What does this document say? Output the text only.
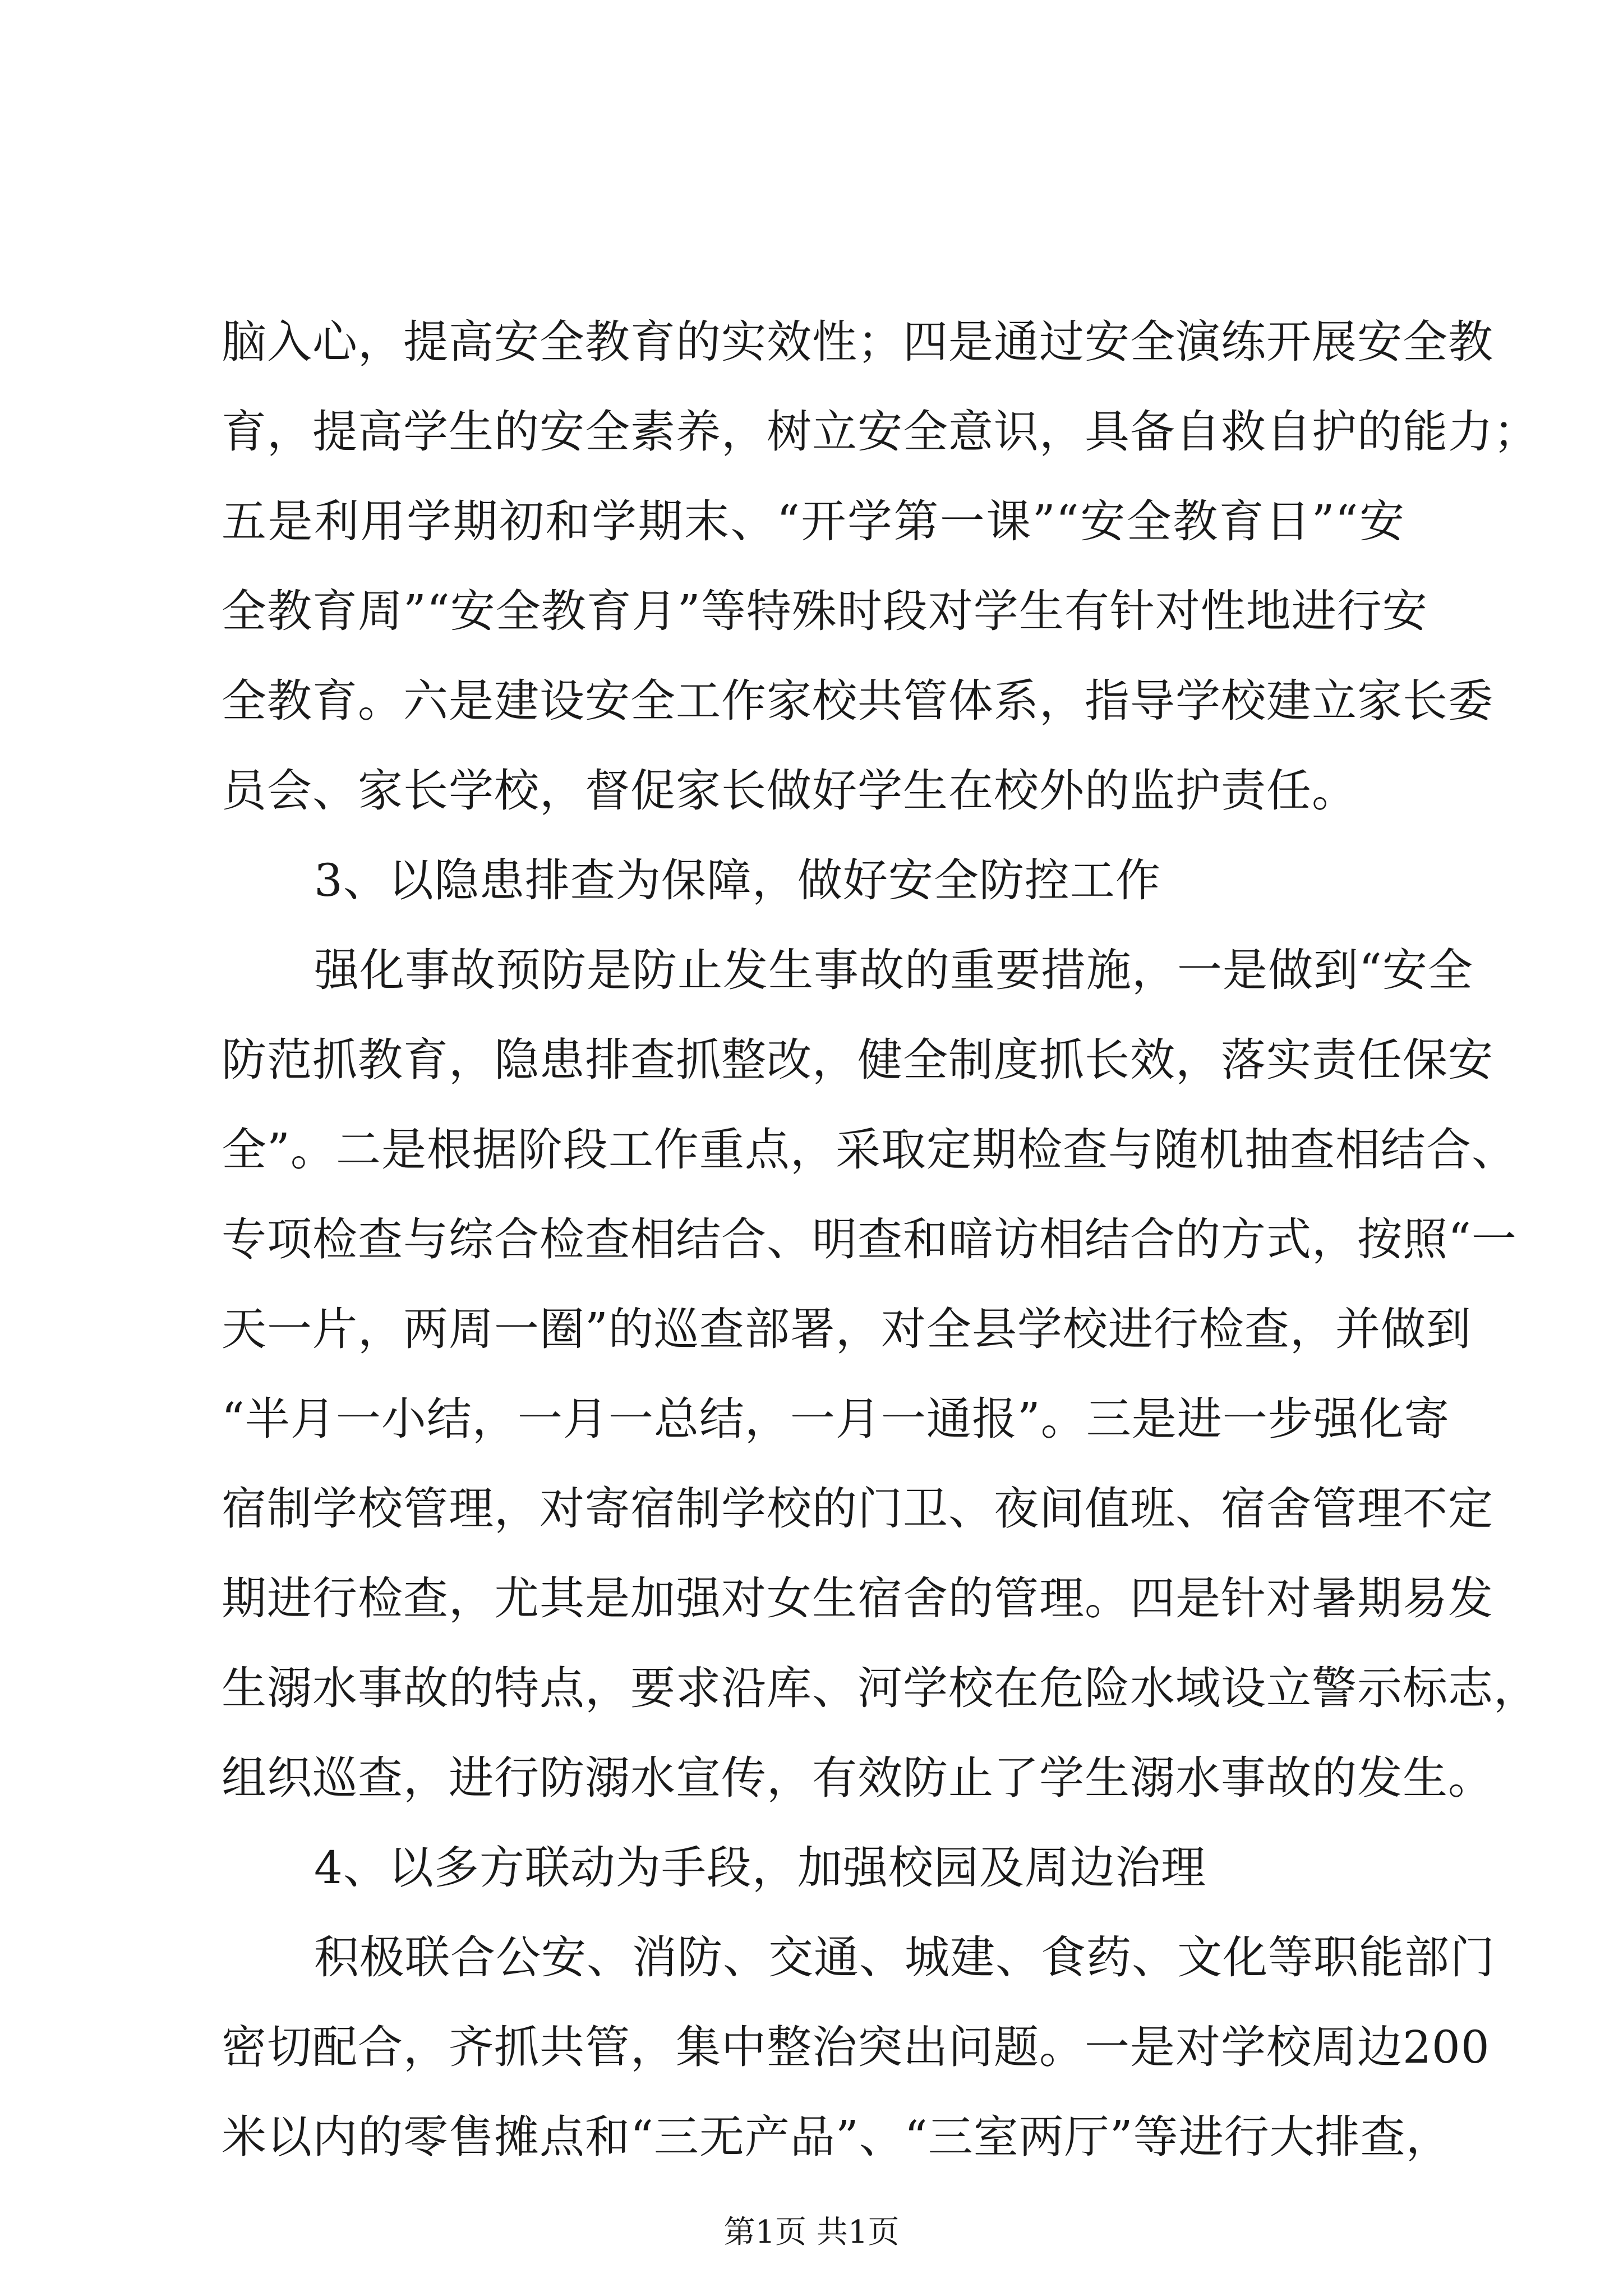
脑入心，提高安全教育的实效性；四是通过安全演练开展安全教
育，提高学生的安全素养，树立安全意识，具备自救自护的能力；
五是利用学期初和学期末、“开学第一课”“安全教育日”“安
全教育周”“安全教育月”等特殊时段对学生有针对性地进行安
全教育。六是建设安全工作家校共管体系，指导学校建立家长委
员会、家长学校，督促家长做好学生在校外的监护责任。
3、以隐患排查为保障，做好安全防控工作
强化事故预防是防止发生事故的重要措施，一是做到“安全
防范抓教育，隐患排查抓整改，健全制度抓长效，落实责任保安
全”。二是根据阶段工作重点，采取定期检查与随机抽查相结合、
专项检查与综合检查相结合、明查和暗访相结合的方式，按照“一
天一片，两周一圈”的巡查部署，对全县学校进行检查，并做到
“半月一小结，一月一总结，一月一通报”。三是进一步强化寄
宿制学校管理，对寄宿制学校的门卫、夜间值班、宿舍管理不定
期进行检查，尤其是加强对女生宿舍的管理。四是针对暑期易发
生溺水事故的特点，要求沿库、河学校在危险水域设立警示标志，
组织巡查，进行防溺水宣传，有效防止了学生溺水事故的发生。
4、以多方联动为手段，加强校园及周边治理
积极联合公安、消防、交通、城建、食药、文化等职能部门
密切配合，齐抓共管，集中整治突出问题。一是对学校周边200
米以内的零售摊点和“三无产品”、“三室两厅”等进行大排查，
第1页 共1页
